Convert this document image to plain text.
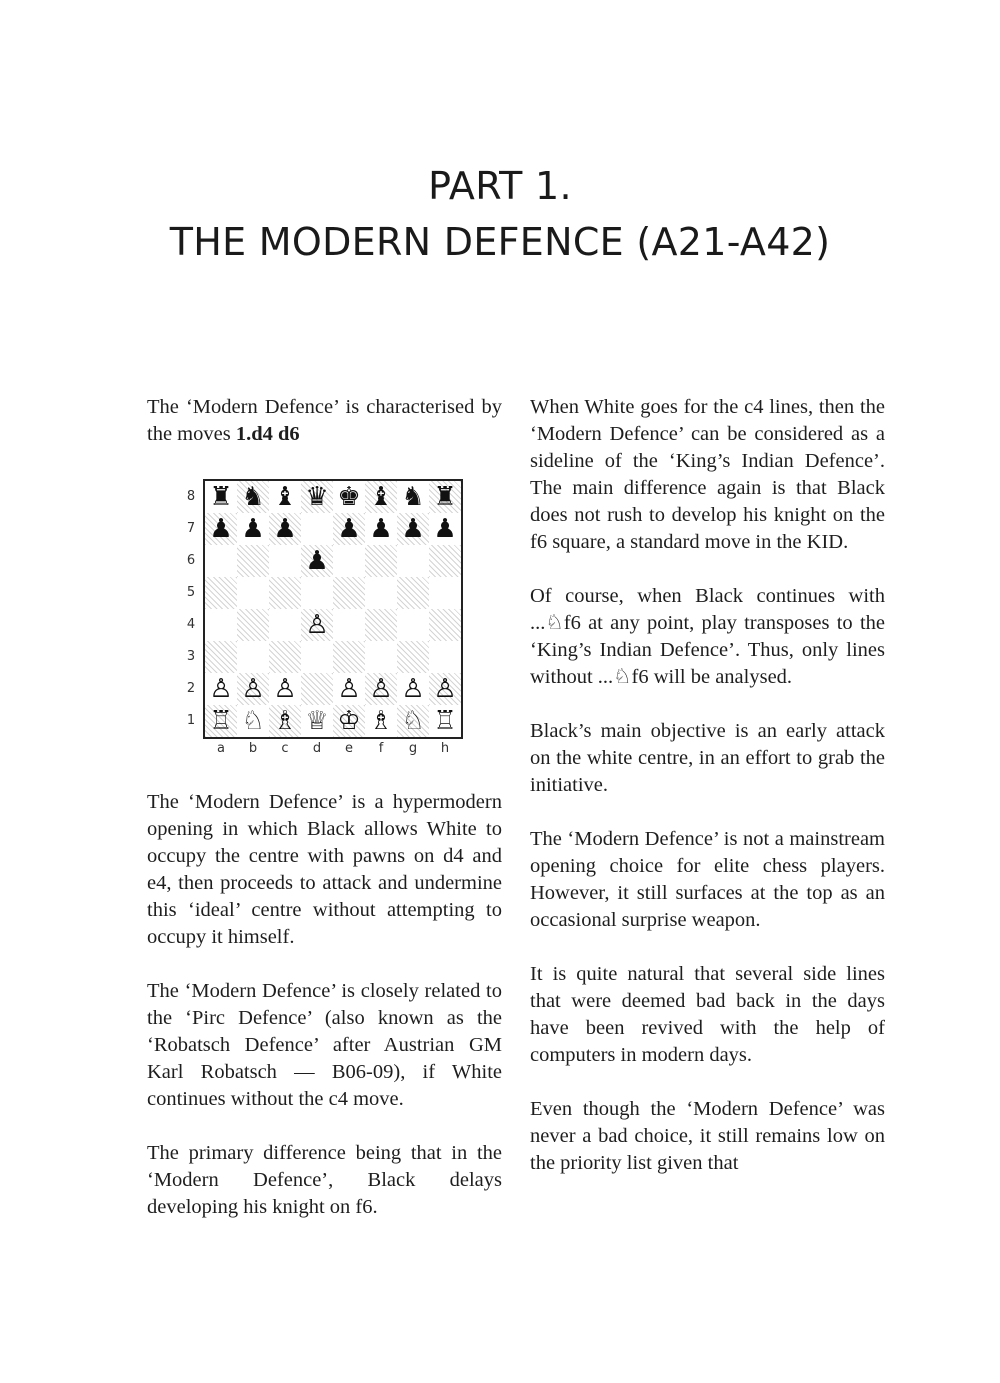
PART 1.
THE MODERN DEFENCE (A21-A42)

The ‘Modern Defence’ is characterised by the moves 1.d4 d6

♜ ♞ ♝ ♛ ♚ ♝ ♞ ♜
♟ ♟ ♟ ♟ ♟ ♟ ♟
♟
♙
♙ ♙ ♙ ♙ ♙ ♙ ♙
♖ ♘ ♗ ♕ ♔ ♗ ♘ ♖
8
7
6
5
4
3
2
1
a	b	c	d	e	f	g	h

The ‘Modern Defence’ is a hypermodern opening in which Black allows White to occupy the centre with pawns on d4 and e4, then proceeds to attack and undermine this ‘ideal’ centre without attempting to occupy it himself.

The ‘Modern Defence’ is closely related to the ‘Pirc Defence’ (also known as the ‘Robatsch Defence’ after Austrian GM Karl Robatsch — B06-09), if White continues without the c4 move.

The primary difference being that in the ‘Modern Defence’, Black delays developing his knight on f6.

When White goes for the c4 lines, then the ‘Modern Defence’ can be considered as a sideline of the ‘King’s Indian Defence’. The main difference again is that Black does not rush to develop his knight on the f6 square, a standard move in the KID.

Of course, when Black continues with ...♘f6 at any point, play transposes to the ‘King’s Indian Defence’. Thus, only lines without ...♘f6 will be analysed.

Black’s main objective is an early attack on the white centre, in an effort to grab the initiative.

The ‘Modern Defence’ is not a mainstream opening choice for elite chess players. However, it still surfaces at the top as an occasional surprise weapon.

It is quite natural that several side lines that were deemed bad back in the days have been revived with the help of computers in modern days.

Even though the ‘Modern Defence’ was never a bad choice, it still remains low on the priority list given that
